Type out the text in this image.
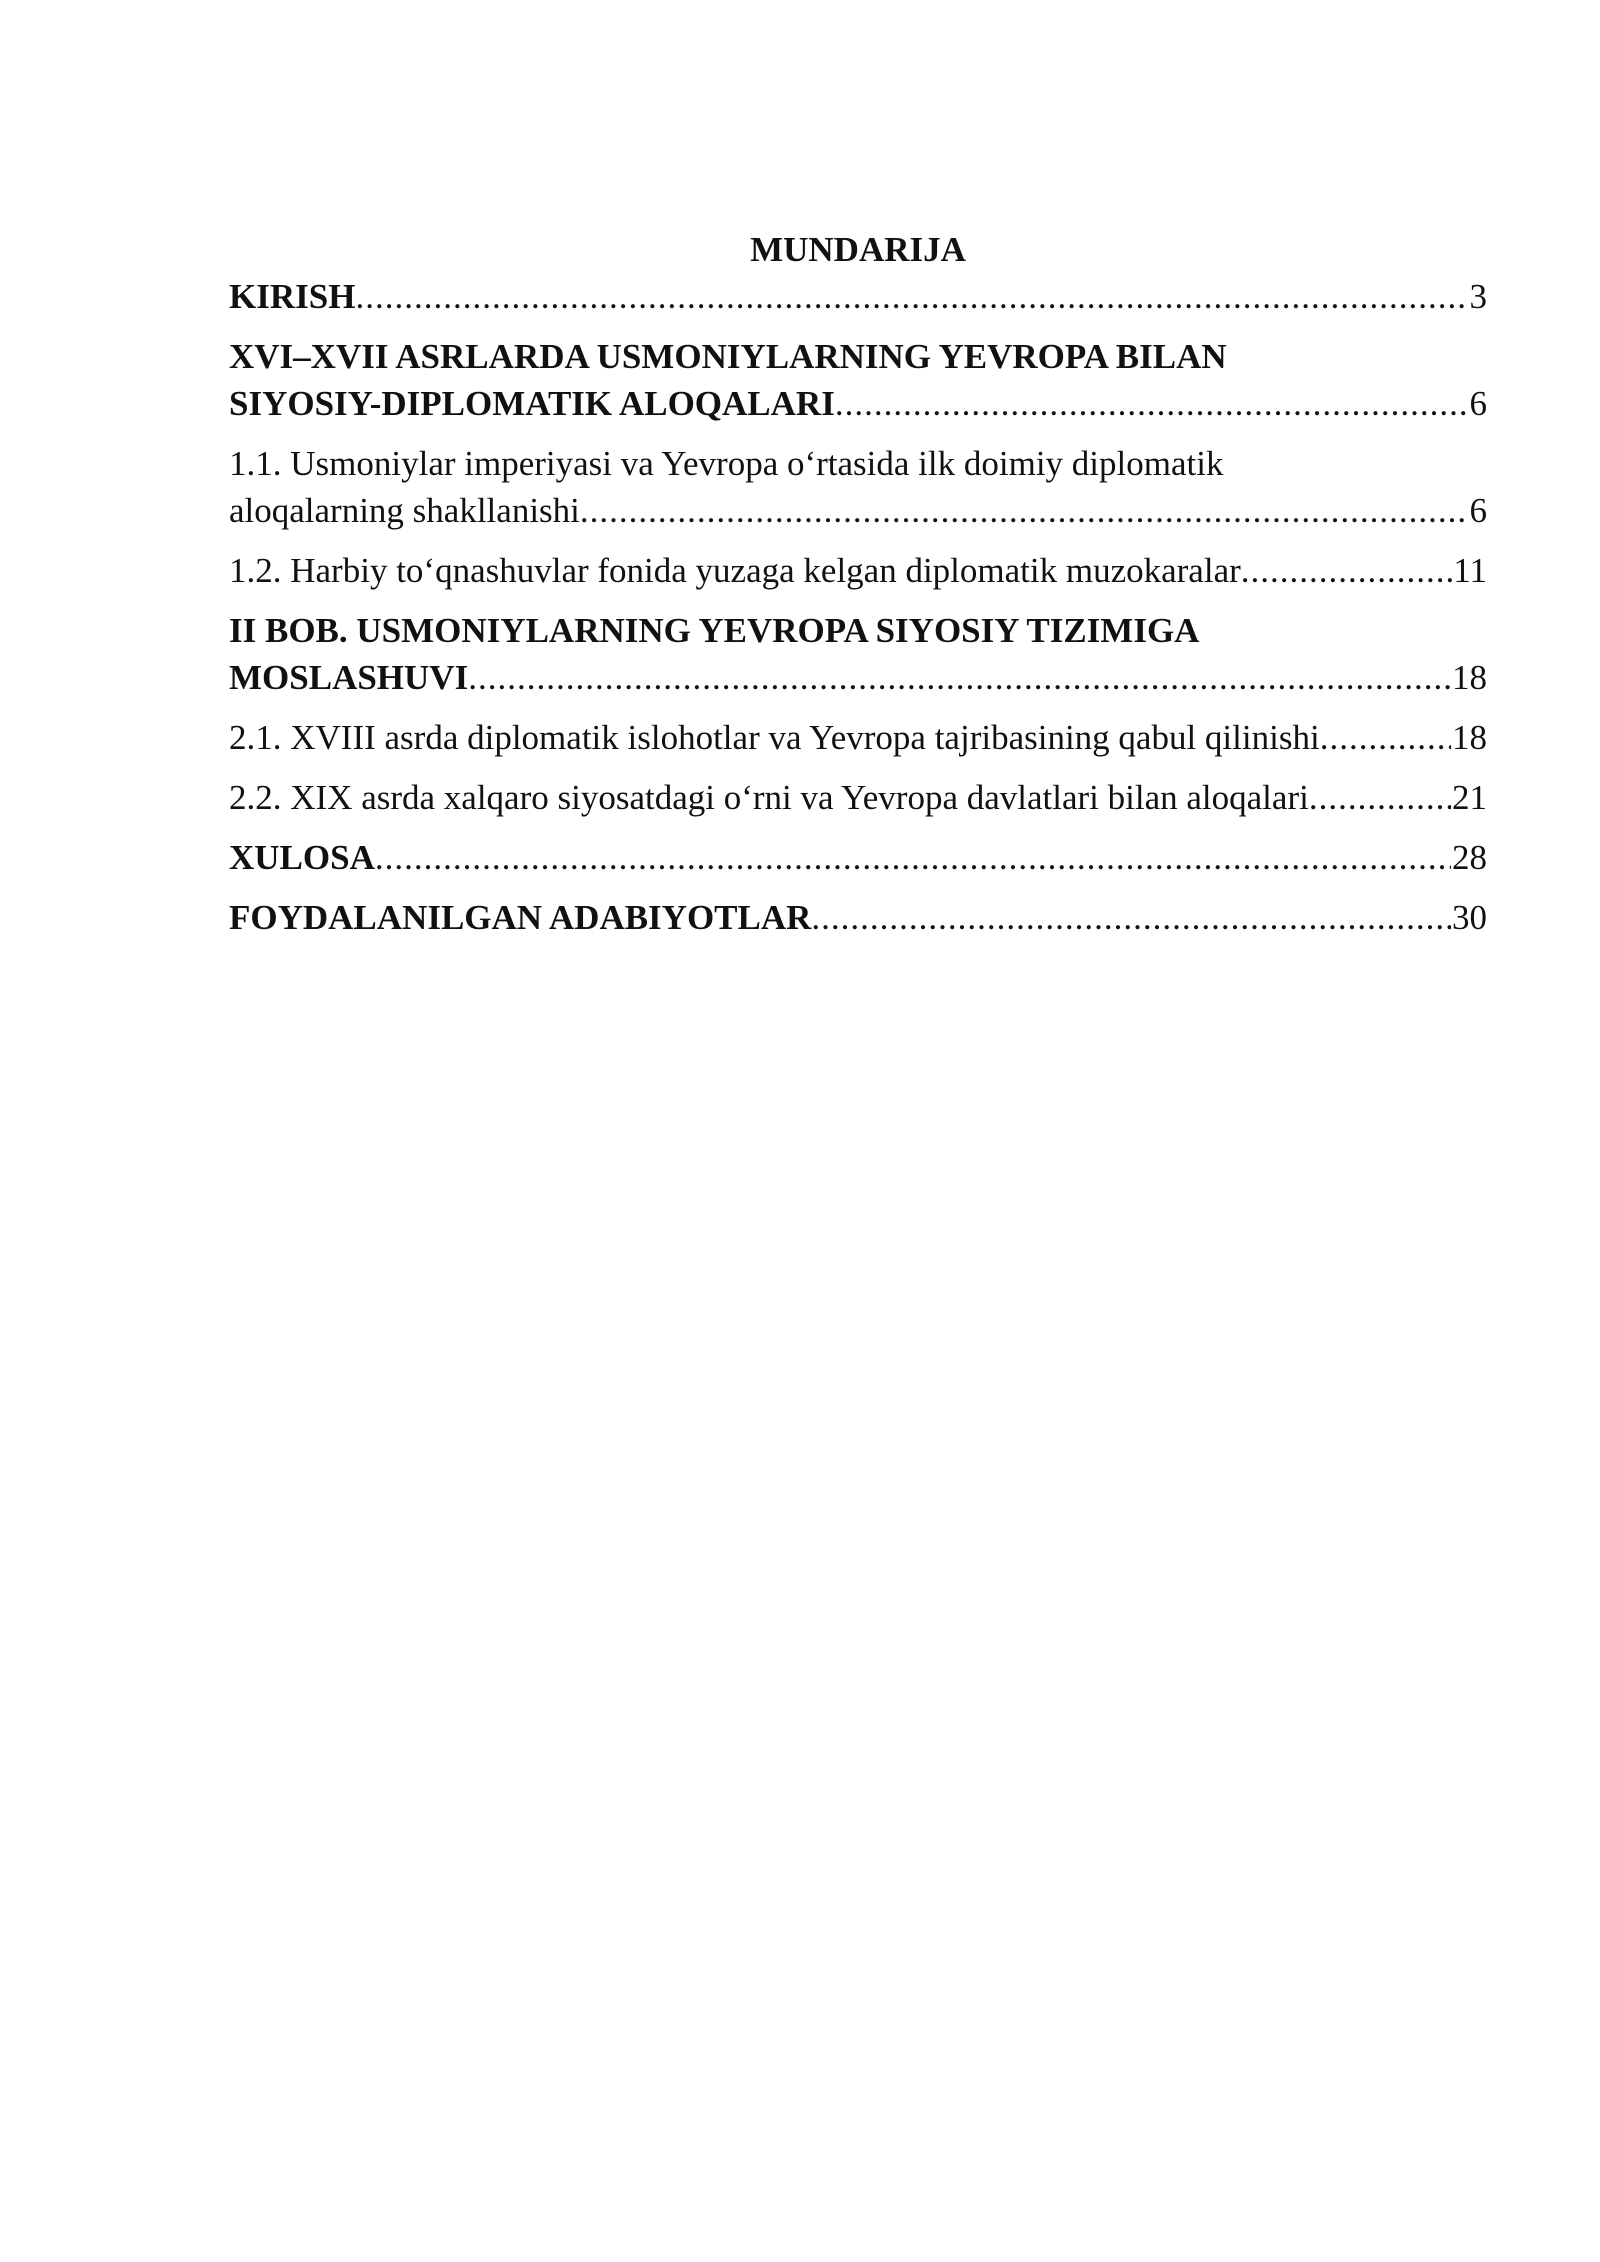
MUNDARIJA
KIRISH .....	3
XVI–XVII ASRLARDA USMONIYLARNING YEVROPA BILAN
SIYOSIY-DIPLOMATIK ALOQALARI .....	6
1.1. Usmoniylar imperiyasi va Yevropa o‘rtasida ilk doimiy diplomatik
aloqalarning shakllanishi .....	6
1.2. Harbiy to‘qnashuvlar fonida yuzaga kelgan diplomatik muzokaralar .....	11
II BOB. USMONIYLARNING YEVROPA SIYOSIY TIZIMIGA
MOSLASHUVI .....	18
2.1. XVIII asrda diplomatik islohotlar va Yevropa tajribasining qabul qilinishi .....	18
2.2. XIX asrda xalqaro siyosatdagi o‘rni va Yevropa davlatlari bilan aloqalari .....	21
XULOSA .....	28
FOYDALANILGAN ADABIYOTLAR .....	30
